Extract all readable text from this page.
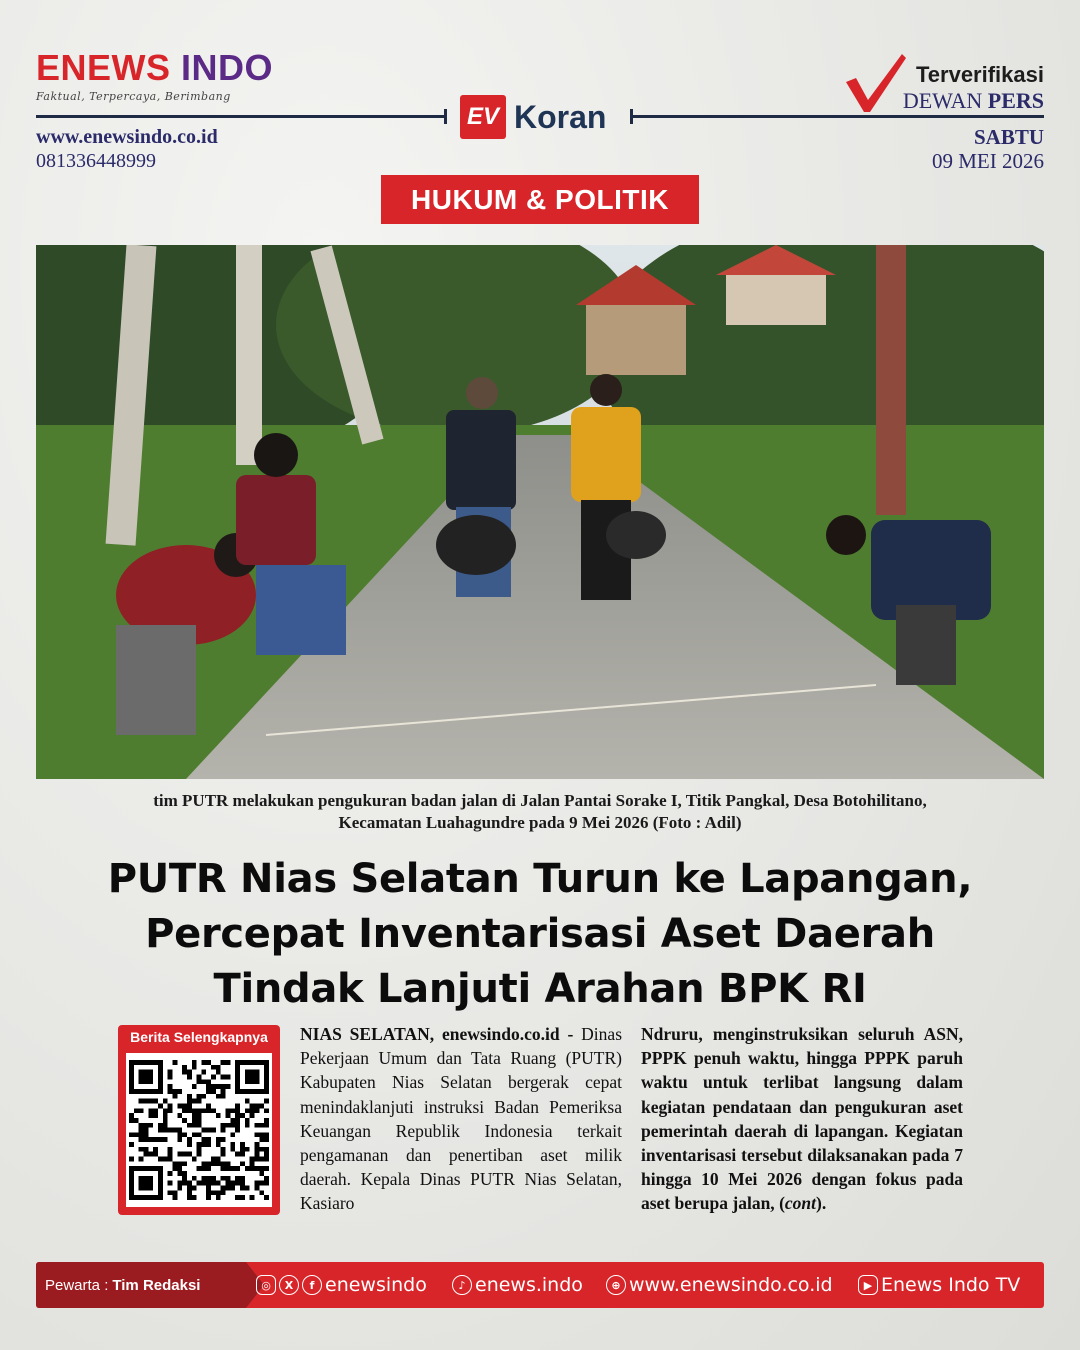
ENEWS INDO
Faktual, Terpercaya, Berimbang
www.enewsindo.co.id
081336448999
EV Koran
Terverifikasi
DEWAN PERS
SABTU
09 MEI 2026
HUKUM & POLITIK
tim PUTR melakukan pengukuran badan jalan di Jalan Pantai Sorake I, Titik Pangkal, Desa Botohilitano,
Kecamatan Luahagundre pada 9 Mei 2026 (Foto : Adil)
PUTR Nias Selatan Turun ke Lapangan,
Percepat Inventarisasi Aset Daerah
Tindak Lanjuti Arahan BPK RI
Berita Selengkapnya	NIAS SELATAN, enewsindo.co.id - Dinas Pekerjaan Umum dan Tata Ruang (PUTR) Kabupaten Nias Selatan bergerak cepat menindaklanjuti instruksi Badan Pemeriksa Keuangan Republik Indonesia terkait pengamanan dan penertiban aset milik daerah. Kepala Dinas PUTR Nias Selatan, Kasiaro
Ndruru, menginstruksikan seluruh ASN, PPPK penuh waktu, hingga PPPK paruh waktu untuk terlibat langsung dalam kegiatan pendataan dan pengukuran aset pemerintah daerah di lapangan. Kegiatan inventarisasi tersebut dilaksanakan pada 7 hingga 10 Mei 2026 dengan fokus pada aset berupa jalan, (cont).
Pewarta : Tim Redaksi	◎	X	f enewsindo	♪ enews.indo	⊕ www.enewsindo.co.id	▶ Enews Indo TV
